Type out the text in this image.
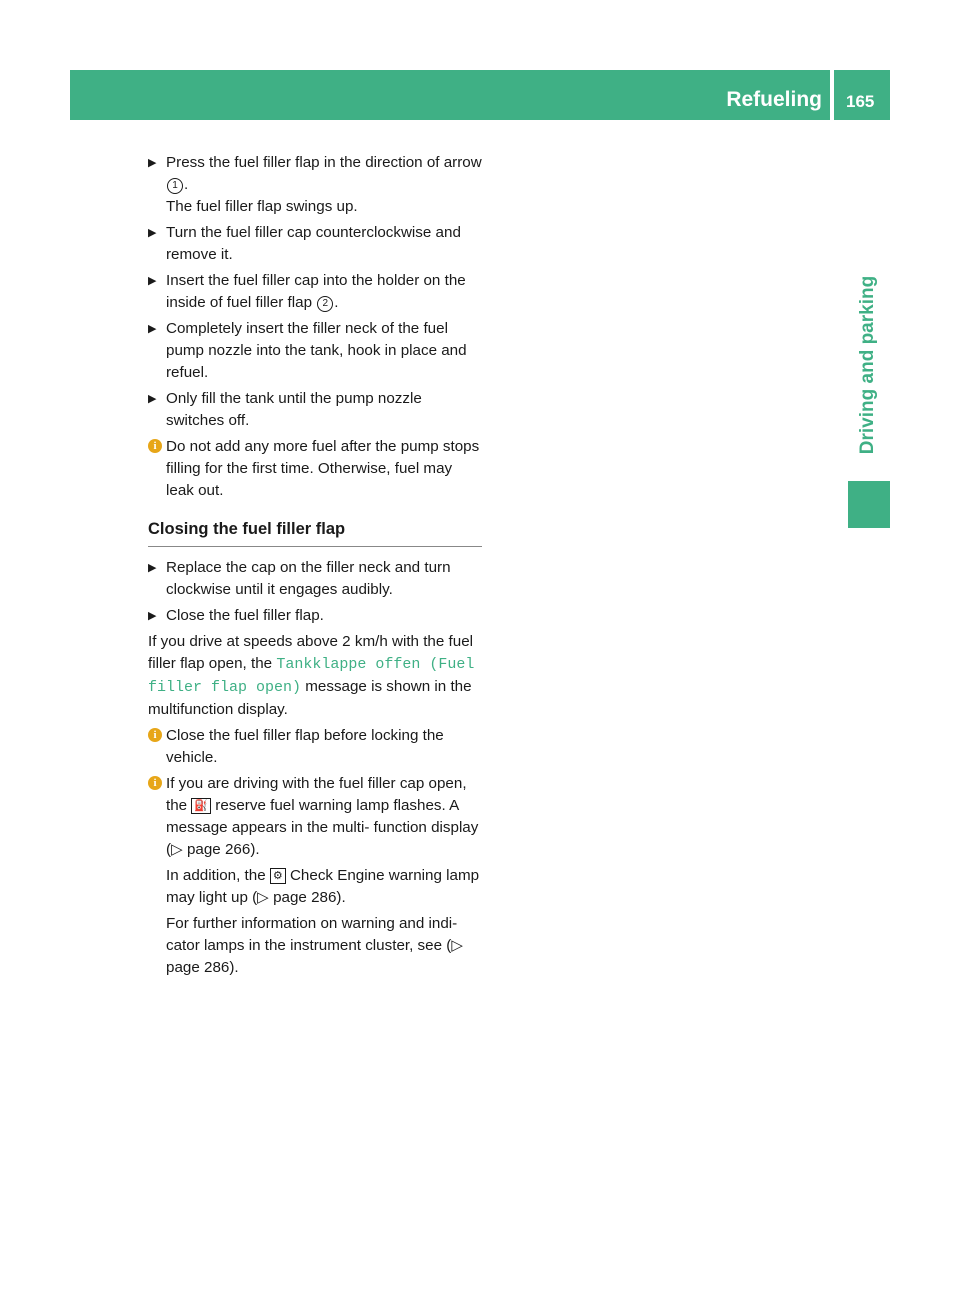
Refueling 165
Driving and parking
▶ Press the fuel filler flap in the direction of arrow 1 .

The fuel filler flap swings up.

▶ Turn the fuel filler cap counterclockwise and remove it.

▶ Insert the fuel filler cap into the holder on the inside of fuel filler flap 2 .

▶ Completely insert the filler neck of the fuel pump nozzle into the tank, hook in place and refuel.

▶ Only fill the tank until the pump nozzle switches off.

i Do not add any more fuel after the pump stops filling for the first time. Otherwise, fuel may leak out.

Closing the fuel filler flap
▶ Replace the cap on the filler neck and turn clockwise until it engages audibly.

▶ Close the fuel filler flap.

If you drive at speeds above 2 km/h with the fuel filler flap open, the Tankklappe offen (Fuel filler flap open) message is shown in the multifunction display.

i Close the fuel filler flap before locking the vehicle.

i If you are driving with the fuel filler cap open, the ⛽ reserve fuel warning lamp flashes. A message appears in the multi- function display (▷ page 266).

In addition, the ⚙ Check Engine warning lamp may light up (▷ page 286).

For further information on warning and indi- cator lamps in the instrument cluster, see (▷ page 286).
